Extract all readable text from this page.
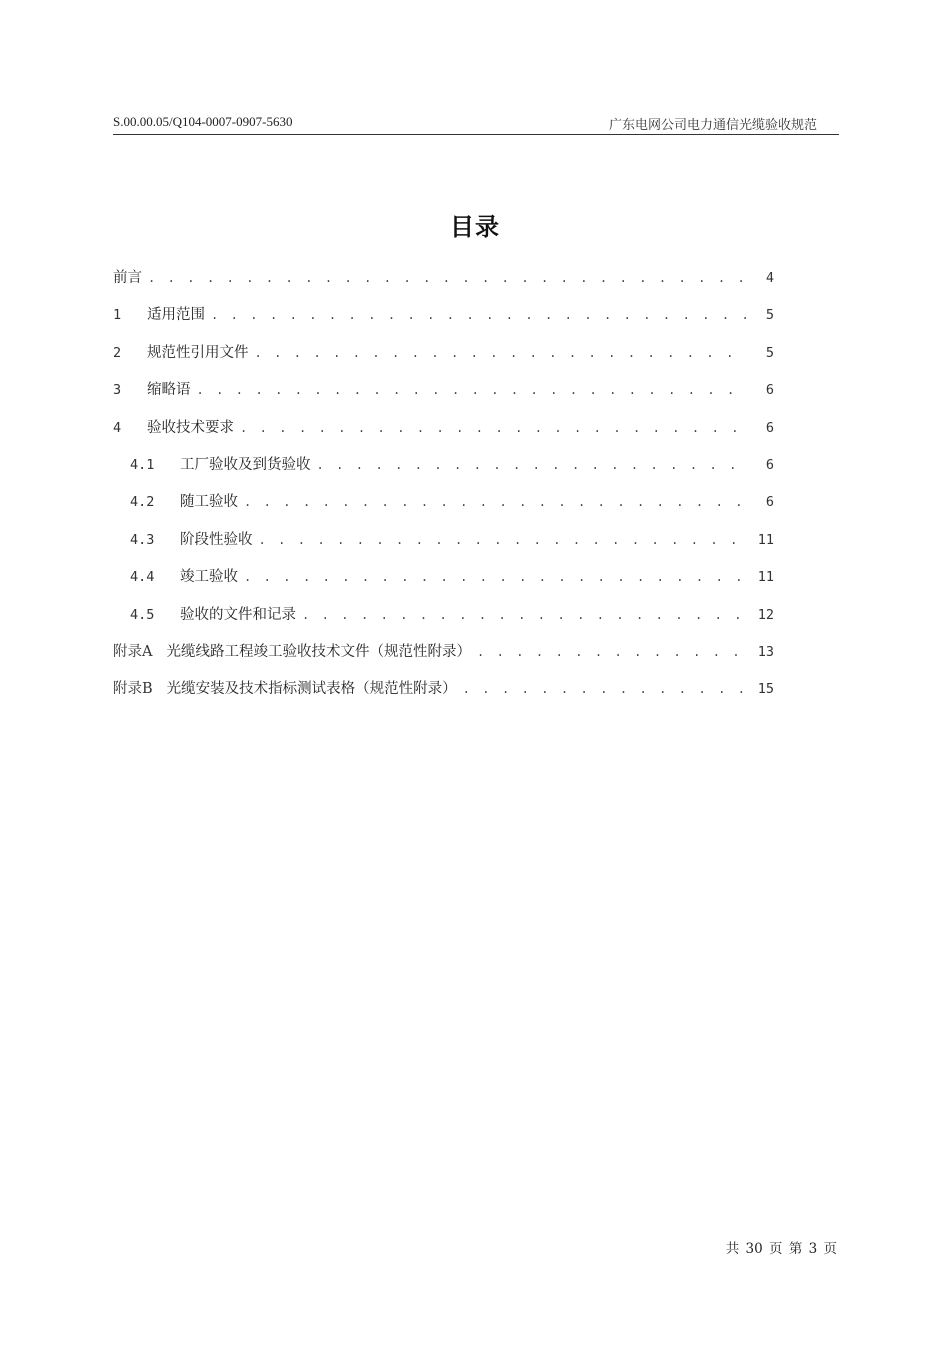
S.00.00.05/Q104-0007-0907-5630	广东电网公司电力通信光缆验收规范
目录
前言 . . .	4
1	适用范围 . . .	5
2	规范性引用文件 . . .	5
3	缩略语 . . .	6
4	验收技术要求 . . .	6
4.1	工厂验收及到货验收 . . .	6
4.2	随工验收 . . .	6
4.3	阶段性验收 . . .	11
4.4	竣工验收 . . .	11
4.5	验收的文件和记录 . . .	12
附录A 光缆线路工程竣工验收技术文件（规范性附录） . . .	13
附录B 光缆安装及技术指标测试表格（规范性附录） . . .	15
共 30 页 第 3 页
